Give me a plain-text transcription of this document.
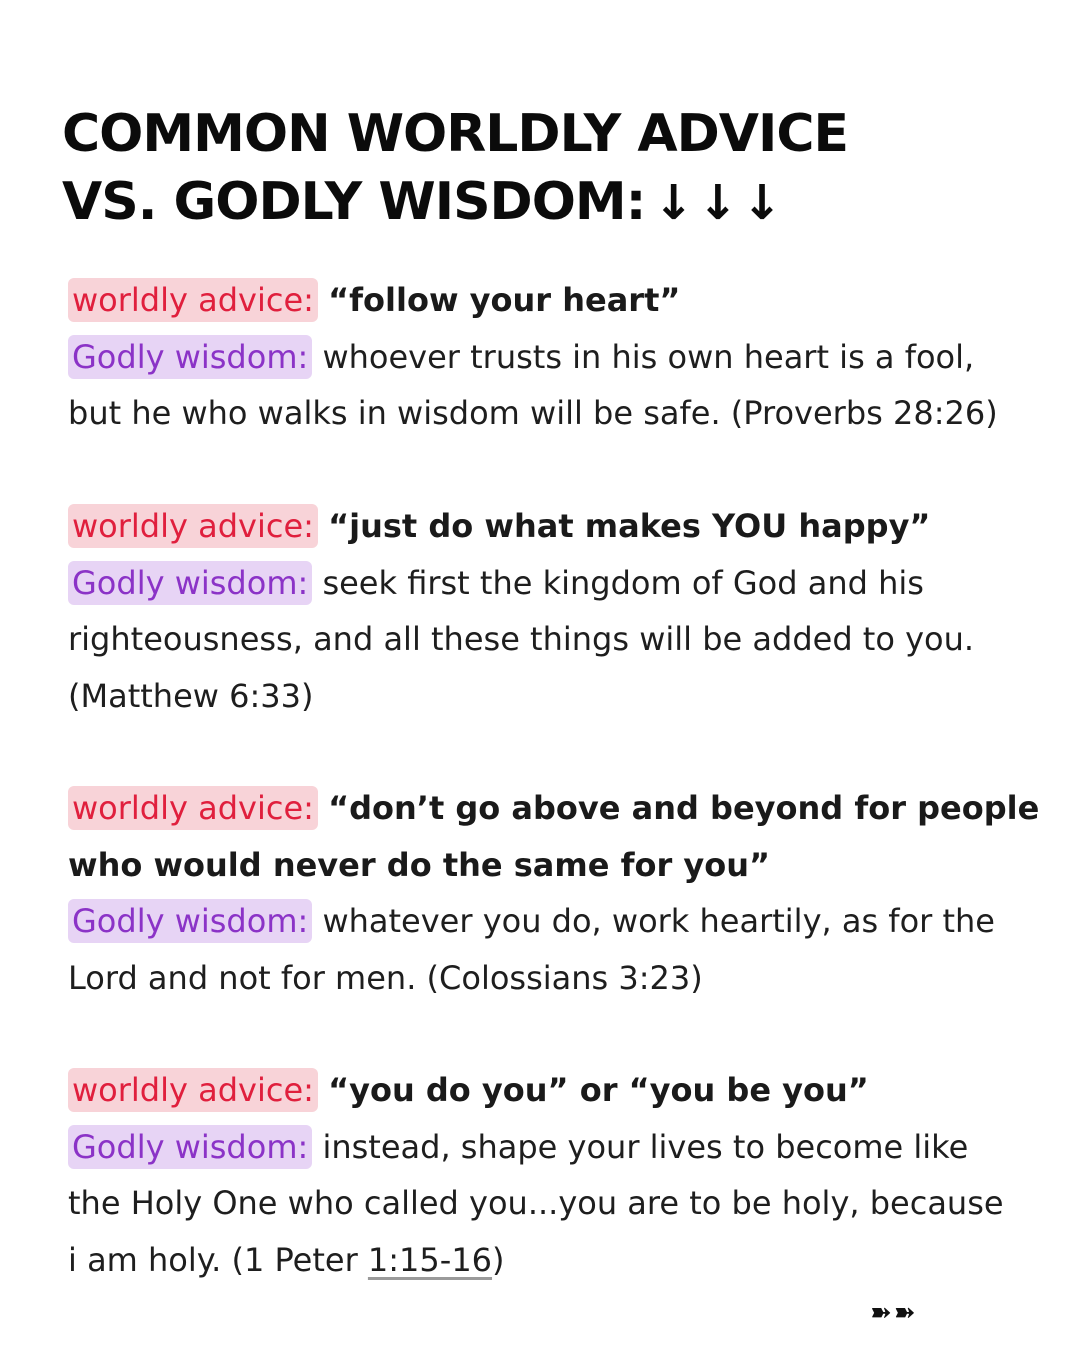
COMMON WORLDLY ADVICE
VS. GODLY WISDOM: ↓↓↓
worldly advice: “follow your heart”
Godly wisdom: whoever trusts in his own heart is a fool,
but he who walks in wisdom will be safe. (Proverbs 28:26)
worldly advice: “just do what makes YOU happy”
Godly wisdom: seek first the kingdom of God and his
righteousness, and all these things will be added to you.
(Matthew 6:33)
worldly advice: “don’t go above and beyond for people
who would never do the same for you”
Godly wisdom: whatever you do, work heartily, as for the
Lord and not for men. (Colossians 3:23)
worldly advice: “you do you” or “you be you”
Godly wisdom: instead, shape your lives to become like
the Holy One who called you...you are to be holy, because
i am holy. (1 Peter 1:15-16)
➽➽
